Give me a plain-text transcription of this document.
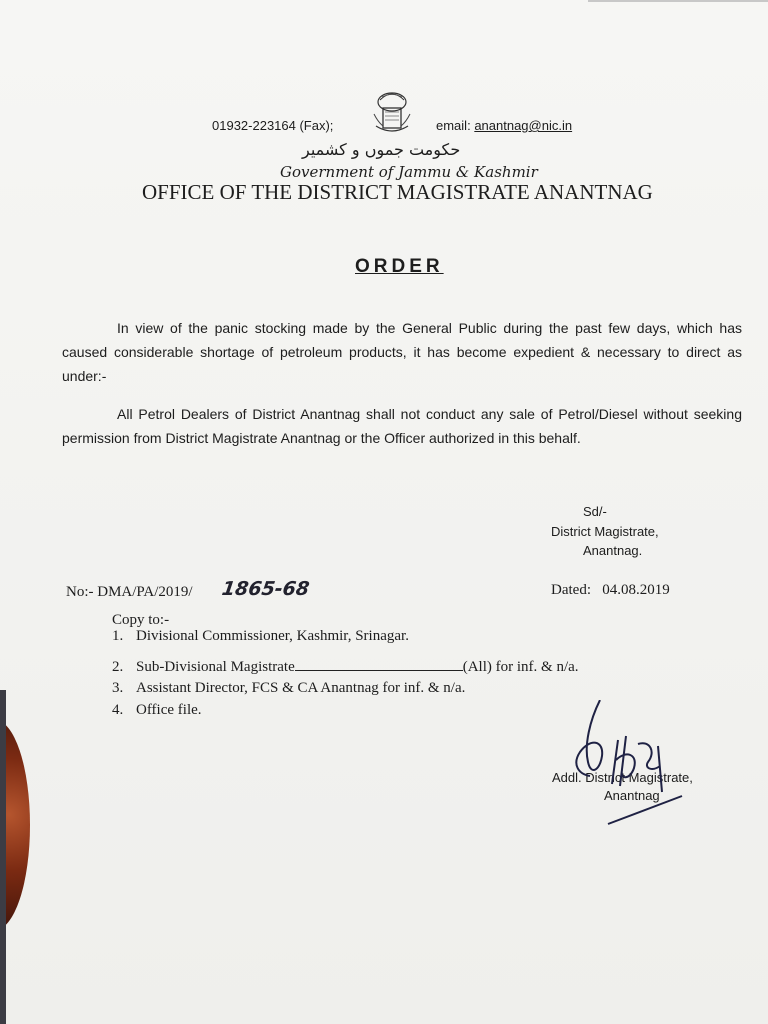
01932-223164 (Fax);	email: anantnag@nic.in
حکومت جموں و کشمیر
Government of Jammu & Kashmir
OFFICE OF THE DISTRICT MAGISTRATE ANANTNAG
ORDER

In view of the panic stocking made by the General Public during the past few days, which has caused considerable shortage of petroleum products, it has become expedient & necessary to direct as under:-

All Petrol Dealers of District Anantnag shall not conduct any sale of Petrol/Diesel without seeking permission from District Magistrate Anantnag or the Officer authorized in this behalf.

Sd/-
District Magistrate,
Anantnag.
No:- DMA/PA/2019/ 1865-68	Dated: 04.08.2019
Copy to:-
1. Divisional Commissioner, Kashmir, Srinagar.
2. Sub-Divisional Magistrate	(All) for inf. & n/a.
3. Assistant Director, FCS & CA Anantnag for inf. & n/a.
4. Office file.
Addl. District Magistrate,
Anantnag
